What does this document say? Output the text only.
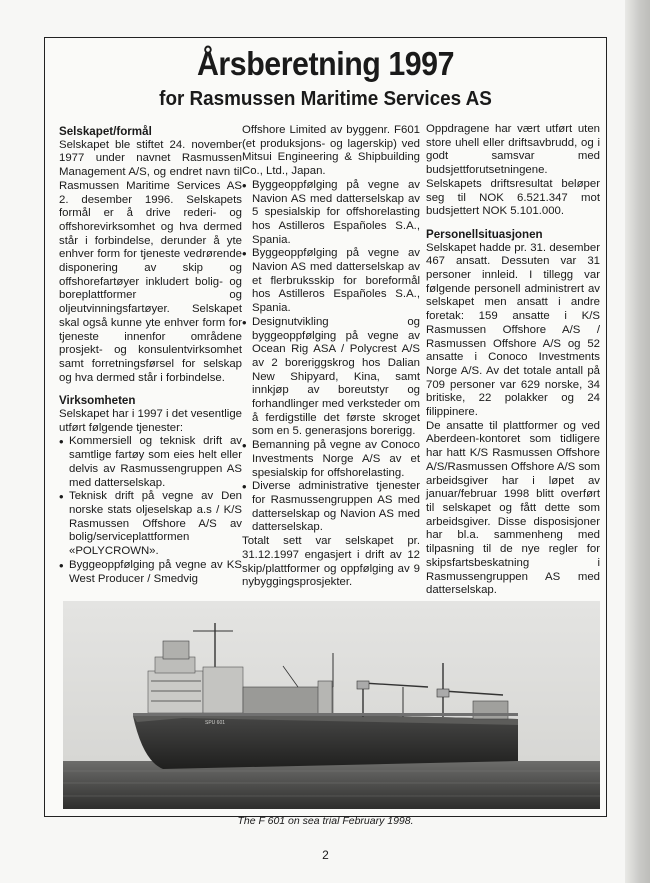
Årsberetning 1997
for Rasmussen Maritime Services AS
Selskapet/formål

Selskapet ble stiftet 24. november 1977 under navnet Rasmussen Management A/S, og endret navn til Rasmussen Maritime Services AS 2. desember 1996. Selskapets formål er å drive rederi- og offshorevirksomhet og hva dermed står i forbindelse, derunder å yte enhver form for tjeneste vedrørende disponering av skip og offshorefartøyer inkludert bolig- og boreplattformer og oljeutvinningsfartøyer. Selskapet skal også kunne yte enhver form for tjeneste innenfor områdene prosjekt- og konsulentvirksomhet samt forretningsførsel for selskap og hva dermed står i forbindelse.

Virksomheten

Selskapet har i 1997 i det vesentlige utført følgende tjenester:

• Kommersiell og teknisk drift av samtlige fartøy som eies helt eller delvis av Rasmussengruppen AS med datterselskap.
• Teknisk drift på vegne av Den norske stats oljeselskap a.s / K/S Rasmussen Offshore A/S av bolig/serviceplattformen «POLYCROWN».
• Byggeoppfølging på vegne av KS West Producer / Smedvig

Offshore Limited av byggenr. F601 (et produksjons- og lagerskip) ved Mitsui Engineering & Shipbuilding Co., Ltd., Japan.

• Byggeoppfølging på vegne av Navion AS med datterselskap av 5 spesialskip for offshorelasting hos Astilleros Españoles S.A., Spania.
• Byggeoppfølging på vegne av Navion AS med datterselskap av et flerbruksskip for boreformål hos Astilleros Españoles S.A., Spania.
• Designutvikling og byggeoppfølging på vegne av Ocean Rig ASA / Polycrest A/S av 2 boreriggskrog hos Dalian New Shipyard, Kina, samt innkjøp av boreutstyr og forhandlinger med verksteder om å ferdigstille det første skroget som en 5. generasjons borerigg.
• Bemanning på vegne av Conoco Investments Norge A/S av et spesialskip for offshorelasting.
• Diverse administrative tjenester for Rasmussengruppen AS med datterselskap og Navion AS med datterselskap.

Totalt sett var selskapet pr. 31.12.1997 engasjert i drift av 12 skip/plattformer og oppfølging av 9 nybyggingsprosjekter.

Oppdragene har vært utført uten store uhell eller driftsavbrudd, og i godt samsvar med budsjettforutsetningene.

Selskapets driftsresultat beløper seg til NOK 6.521.347 mot budsjettert NOK 5.101.000.

Personellsituasjonen

Selskapet hadde pr. 31. desember 467 ansatt. Dessuten var 31 personer innleid. I tillegg var følgende personell administrert av selskapet men ansatt i andre foretak: 159 ansatte i K/S Rasmussen Offshore A/S / Rasmussen Offshore A/S og 52 ansatte i Conoco Investments Norge A/S. Av det totale antall på 709 personer var 629 norske, 34 britiske, 22 polakker og 24 filippinere.

De ansatte til plattformer og ved Aberdeen-kontoret som tidligere har hatt K/S Rasmussen Offshore A/S/Rasmussen Offshore A/S som arbeidsgiver har i løpet av januar/februar 1998 blitt overført til selskapet og fått dette som arbeidsgiver. Disse disposisjoner har bl.a. sammenheng med tilpasning til de nye regler for skipsfartsbeskatning i Rasmussengruppen AS med datterselskap.

SPU 601
The F 601 on sea trial February 1998.
2
